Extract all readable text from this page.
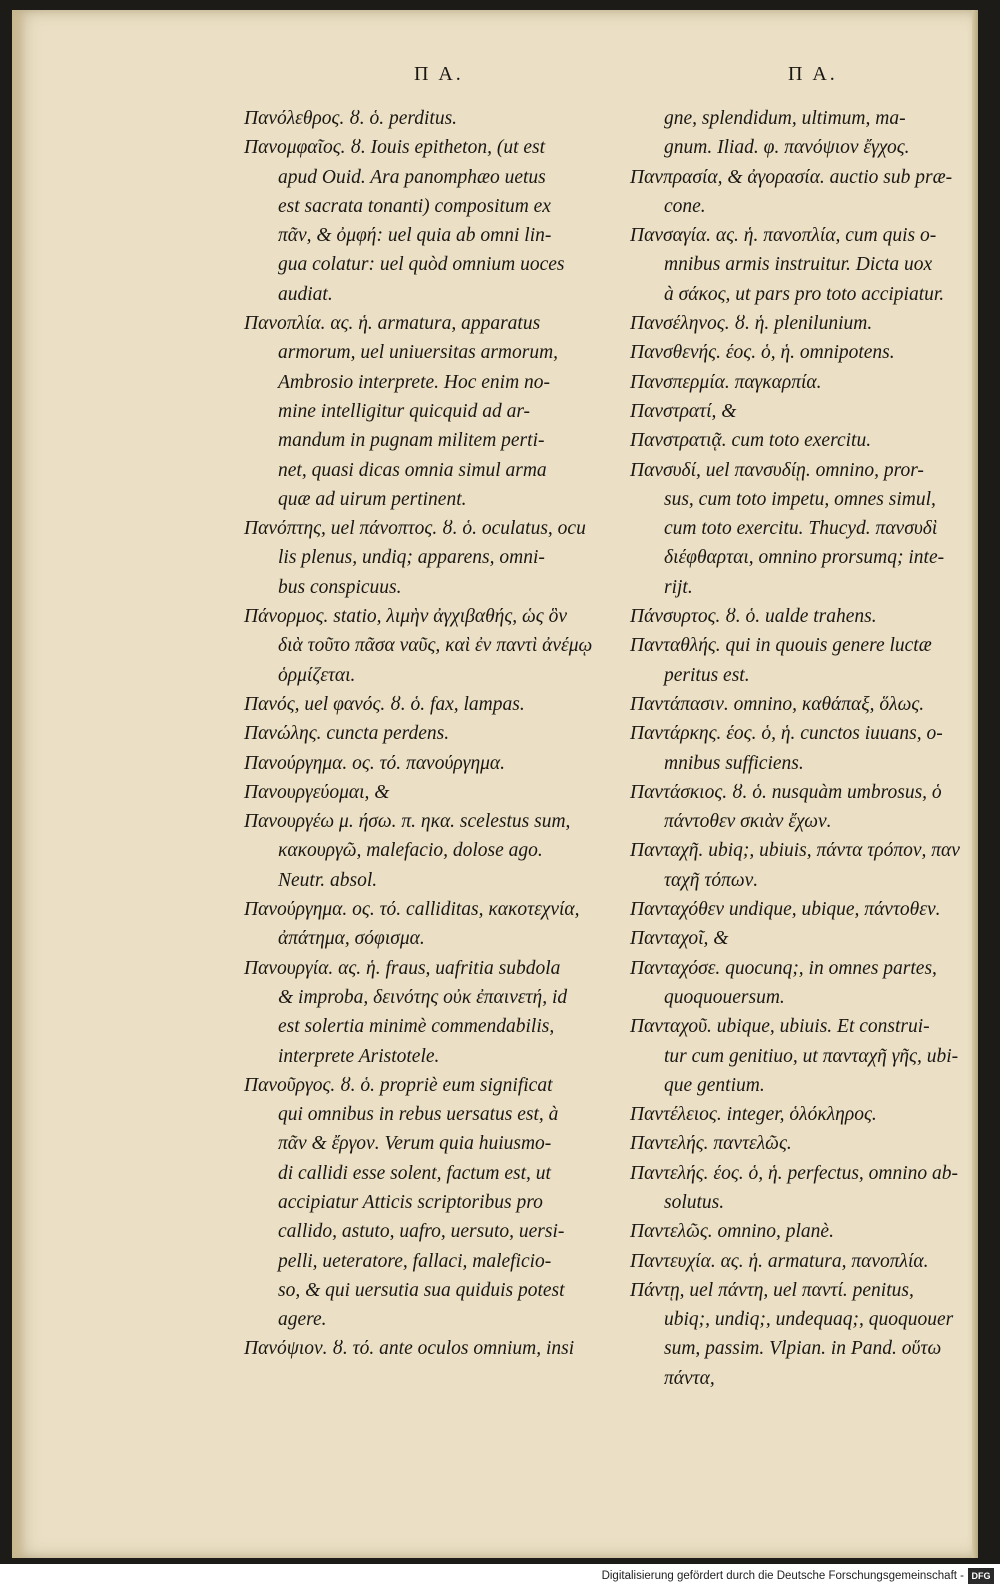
Π Α.	Π Α.
Πανόλεθρος. ȣ. ὁ. perditus.
Πανομφαῖος. ȣ. Iouis epitheton, (ut est
apud Ouid. Ara panomphæo uetus
est sacrata tonanti) compositum ex
πᾶν, & ὀμφή: uel quia ab omni lin-
gua colatur: uel quòd omnium uoces
audiat.
Πανοπλία. ας. ἡ. armatura, apparatus
armorum, uel uniuersitas armorum,
Ambrosio interprete. Hoc enim no-
mine intelligitur quicquid ad ar-
mandum in pugnam militem perti-
net, quasi dicas omnia simul arma
quæ ad uirum pertinent.
Πανόπτης, uel πάνοπτος. ȣ. ὁ. oculatus, ocu
lis plenus, undiq; apparens, omni-
bus conspicuus.
Πάνορμος. statio, λιμὴν ἀγχιβαθής, ὡς ὃν
διὰ τοῦτο πᾶσα ναῦς, καὶ ἐν παντὶ ἀνέμῳ
ὁρμίζεται.
Πανός, uel φανός. ȣ. ὁ. fax, lampas.
Πανώλης. cuncta perdens.
Πανούργημα. ος. τό. πανούργημα.
Πανουργεύομαι, &
Πανουργέω μ. ήσω. π. ηκα. scelestus sum,
κακουργῶ, malefacio, dolose ago.
Neutr. absol.
Πανούργημα. ος. τό. calliditas, κακοτεχνία,
ἀπάτημα, σόφισμα.
Πανουργία. ας. ἡ. fraus, uafritia subdola
& improba, δεινότης οὐκ ἐπαινετή, id
est solertia minimè commendabilis,
interprete Aristotele.
Πανοῦργος. ȣ. ὁ. propriè eum significat
qui omnibus in rebus uersatus est, à
πᾶν & ἔργον. Verum quia huiusmo-
di callidi esse solent, factum est, ut
accipiatur Atticis scriptoribus pro
callido, astuto, uafro, uersuto, uersi-
pelli, ueteratore, fallaci, maleficio-
so, & qui uersutia sua quiduis potest
agere.
Πανόψιον. ȣ. τό. ante oculos omnium, insi
gne, splendidum, ultimum, ma-
gnum. Iliad. φ. πανόψιον ἔγχος.
Πανπρασία, & ἀγορασία. auctio sub præ-
cone.
Πανσαγία. ας. ἡ. πανοπλία, cum quis o-
mnibus armis instruitur. Dicta uox
à σάκος, ut pars pro toto accipiatur.
Πανσέληνος. ȣ. ἡ. plenilunium.
Πανσθενής. έος. ὁ, ἡ. omnipotens.
Πανσπερμία. παγκαρπία.
Πανστρατί, &
Πανστρατιᾷ. cum toto exercitu.
Πανσυδί, uel πανσυδίῃ. omnino, pror-
sus, cum toto impetu, omnes simul,
cum toto exercitu. Thucyd. πανσυδὶ
διέφθαρται, omnino prorsumq; inte-
rijt.
Πάνσυρτος. ȣ. ὁ. ualde trahens.
Πανταθλής. qui in quouis genere luctæ
peritus est.
Παντάπασιν. omnino, καθάπαξ, ὅλως.
Παντάρκης. έος. ὁ, ἡ. cunctos iuuans, o-
mnibus sufficiens.
Παντάσκιος. ȣ. ὁ. nusquàm umbrosus, ὁ
πάντοθεν σκιὰν ἔχων.
Πανταχῆ. ubiq;, ubiuis, πάντα τρόπον, παν
ταχῆ τόπων.
Πανταχόθεν undique, ubique, πάντοθεν.
Πανταχοῖ, &
Πανταχόσε. quocunq;, in omnes partes,
quoquouersum.
Πανταχοῦ. ubique, ubiuis. Et construi-
tur cum genitiuo, ut πανταχῆ γῆς, ubi-
que gentium.
Παντέλειος. integer, ὁλόκληρος.
Παντελής. παντελῶς.
Παντελής. έος. ὁ, ἡ. perfectus, omnino ab-
solutus.
Παντελῶς. omnino, planè.
Παντευχία. ας. ἡ. armatura, πανοπλία.
Πάντῃ, uel πάντη, uel παντί. penitus,
ubiq;, undiq;, undequaq;, quoquouer
sum, passim. Vlpian. in Pand. οὕτω
πάντα,
Digitalisierung gefördert durch die Deutsche Forschungsgemeinschaft - DFG
